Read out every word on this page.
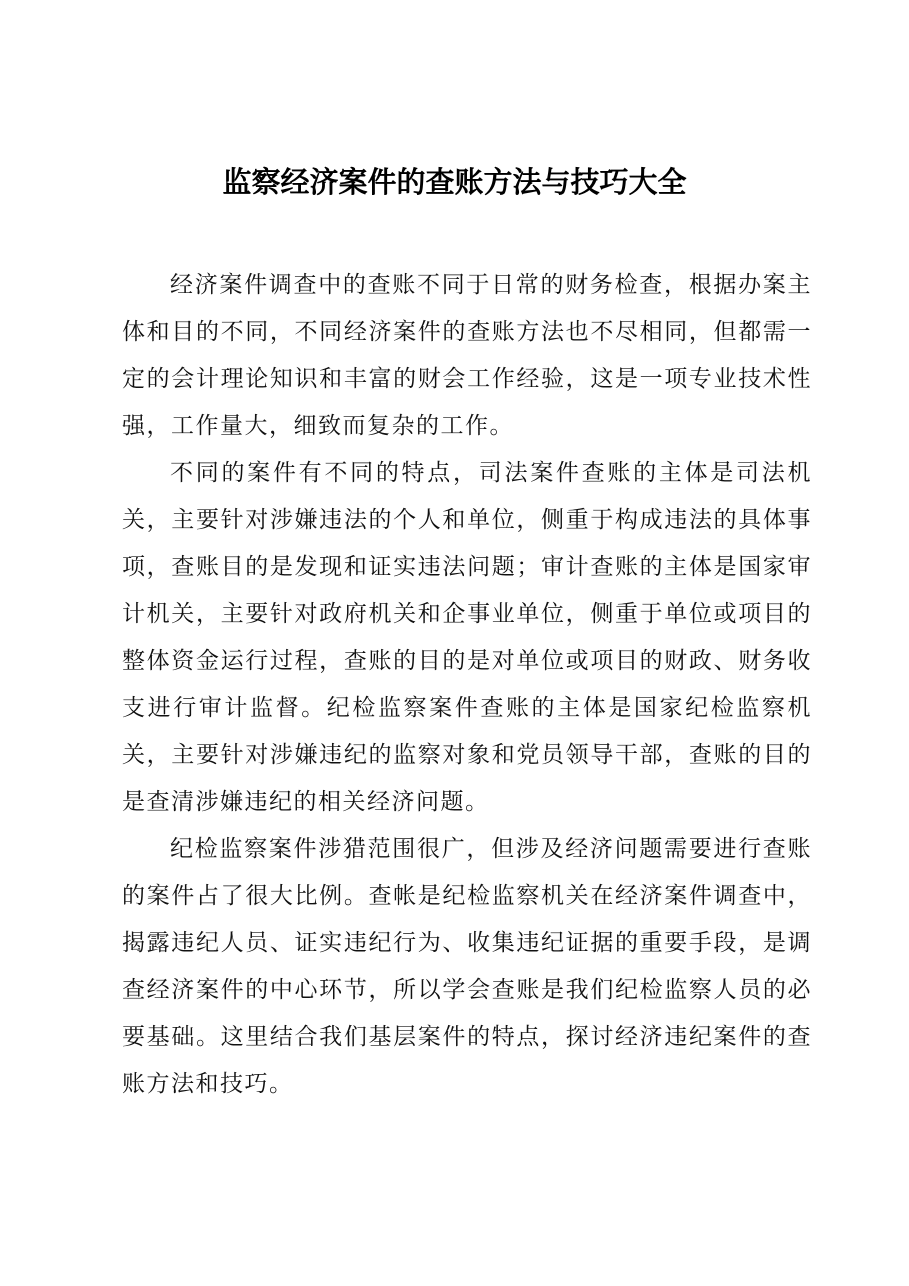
监察经济案件的查账方法与技巧大全

经济案件调查中的查账不同于日常的财务检查，根据办案主体和目的不同，不同经济案件的查账方法也不尽相同，但都需一定的会计理论知识和丰富的财会工作经验，这是一项专业技术性强，工作量大，细致而复杂的工作。

不同的案件有不同的特点，司法案件查账的主体是司法机关，主要针对涉嫌违法的个人和单位，侧重于构成违法的具体事项，查账目的是发现和证实违法问题；审计查账的主体是国家审计机关，主要针对政府机关和企事业单位，侧重于单位或项目的整体资金运行过程，查账的目的是对单位或项目的财政、财务收支进行审计监督。纪检监察案件查账的主体是国家纪检监察机关，主要针对涉嫌违纪的监察对象和党员领导干部，查账的目的是查清涉嫌违纪的相关经济问题。

纪检监察案件涉猎范围很广，但涉及经济问题需要进行查账的案件占了很大比例。查帐是纪检监察机关在经济案件调查中，揭露违纪人员、证实违纪行为、收集违纪证据的重要手段，是调查经济案件的中心环节，所以学会查账是我们纪检监察人员的必要基础。这里结合我们基层案件的特点，探讨经济违纪案件的查账方法和技巧。
